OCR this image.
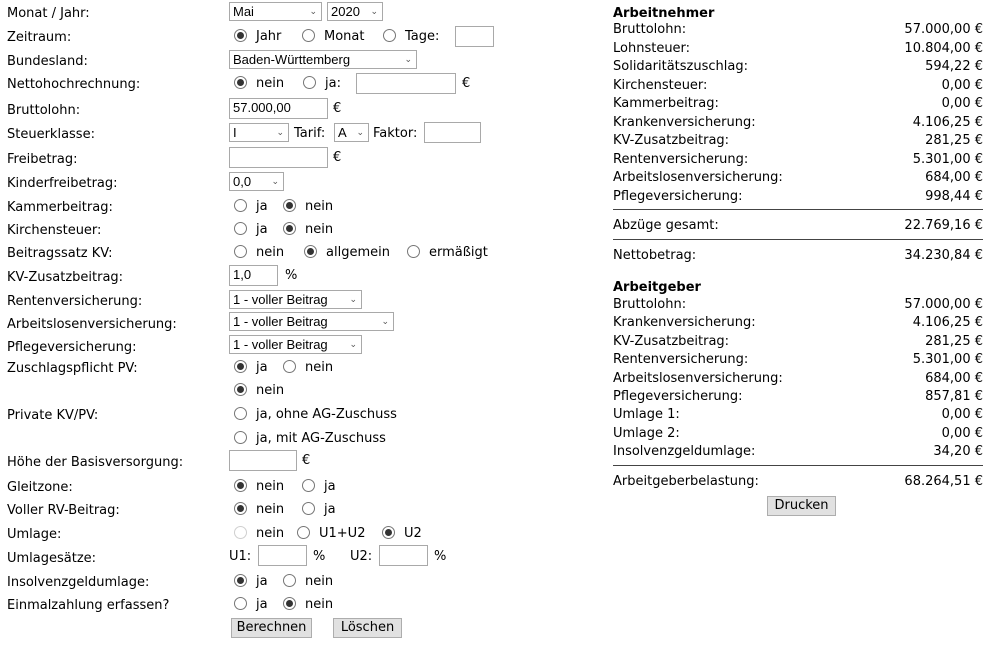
Monat / Jahr:	Mai	⌄	2020 ⌄
Zeitraum:	Jahr	Monat	Tage:
Bundesland:	Baden-Württemberg	⌄
Nettohochrechnung:	nein	ja:	€
Bruttolohn:	57.000,00	€
Steuerklasse:	I	⌄ Tarif: A ⌄ Faktor:
Freibetrag:	€
Kinderfreibetrag:	0,0 ⌄
Kammerbeitrag:	ja	nein
Kirchensteuer:	ja	nein
Beitragssatz KV:	nein	allgemein	ermäßigt
KV-Zusatzbeitrag:	1,0	%
Rentenversicherung:	1 - voller Beitrag ⌄
Arbeitslosenversicherung:	1 - voller Beitrag	⌄
Pflegeversicherung:	1 - voller Beitrag ⌄
Zuschlagspflicht PV:	ja	nein
nein
Private KV/PV:	ja, ohne AG-Zuschuss
ja, mit AG-Zuschuss
Höhe der Basisversorgung:	€
Gleitzone:	nein	ja
Voller RV-Beitrag:	nein	ja
Umlage:	nein	U1+U2	U2
Umlagesätze:	U1:	% U2:	%
Insolvenzgeldumlage:	ja	nein
Einmalzahlung erfassen?	ja	nein
Berechnen	Löschen
Arbeitnehmer
Bruttolohn:	57.000,00 €
Lohnsteuer:	10.804,00 €
Solidaritätszuschlag:	594,22 €
Kirchensteuer:	0,00 €
Kammerbeitrag:	0,00 €
Krankenversicherung:	4.106,25 €
KV-Zusatzbeitrag:	281,25 €
Rentenversicherung:	5.301,00 €
Arbeitslosenversicherung:	684,00 €
Pflegeversicherung:	998,44 €
Abzüge gesamt:	22.769,16 €
Nettobetrag:	34.230,84 €
Arbeitgeber
Bruttolohn:	57.000,00 €
Krankenversicherung:	4.106,25 €
KV-Zusatzbeitrag:	281,25 €
Rentenversicherung:	5.301,00 €
Arbeitslosenversicherung:	684,00 €
Pflegeversicherung:	857,81 €
Umlage 1:	0,00 €
Umlage 2:	0,00 €
Insolvenzgeldumlage:	34,20 €
Arbeitgeberbelastung:	68.264,51 €
Drucken
